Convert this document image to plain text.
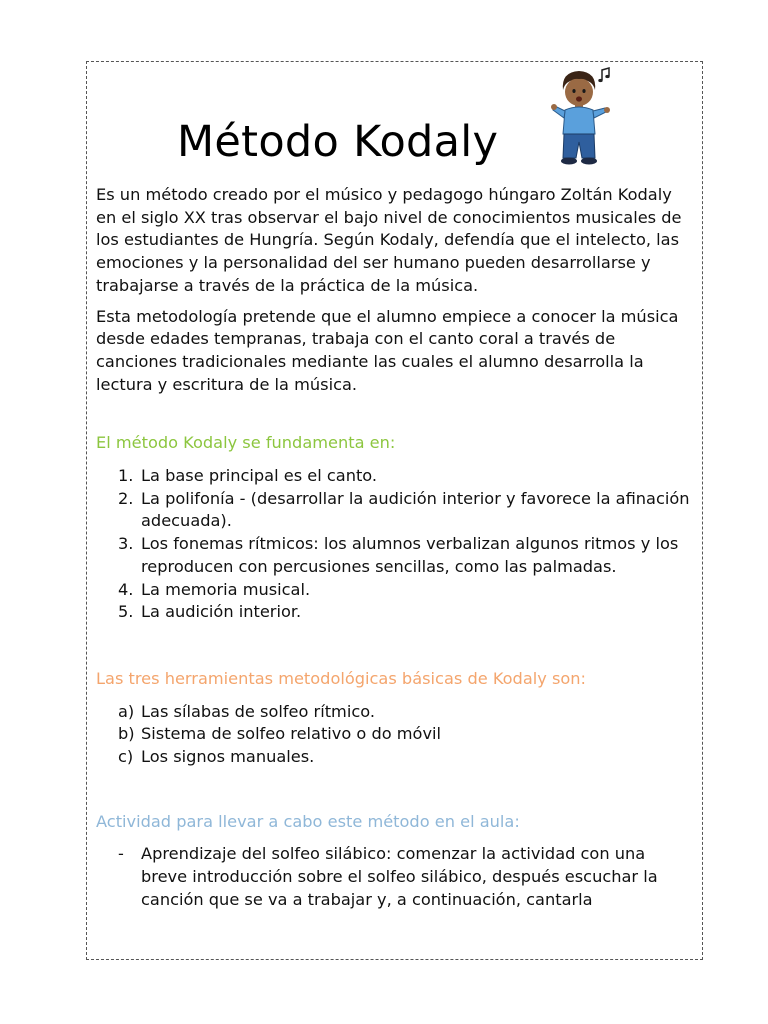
Método Kodaly

Es un método creado por el músico y pedagogo húngaro Zoltán Kodaly en el siglo XX tras observar el bajo nivel de conocimientos musicales de los estudiantes de Hungría. Según Kodaly, defendía que el intelecto, las emociones y la personalidad del ser humano pueden desarrollarse y trabajarse a través de la práctica de la música.

Esta metodología pretende que el alumno empiece a conocer la música desde edades tempranas, trabaja con el canto coral a través de canciones tradicionales mediante las cuales el alumno desarrolla la lectura y escritura de la música.

El método Kodaly se fundamenta en:

1. La base principal es el canto.
2. La polifonía - (desarrollar la audición interior y favorece la afinación adecuada).
3. Los fonemas rítmicos: los alumnos verbalizan algunos ritmos y los reproducen con percusiones sencillas, como las palmadas.
4. La memoria musical.
5. La audición interior.

Las tres herramientas metodológicas básicas de Kodaly son:

a) Las sílabas de solfeo rítmico.
b) Sistema de solfeo relativo o do móvil
c) Los signos manuales.

Actividad para llevar a cabo este método en el aula:

- Aprendizaje del solfeo silábico: comenzar la actividad con una breve introducción sobre el solfeo silábico, después escuchar la canción que se va a trabajar y, a continuación, cantarla
